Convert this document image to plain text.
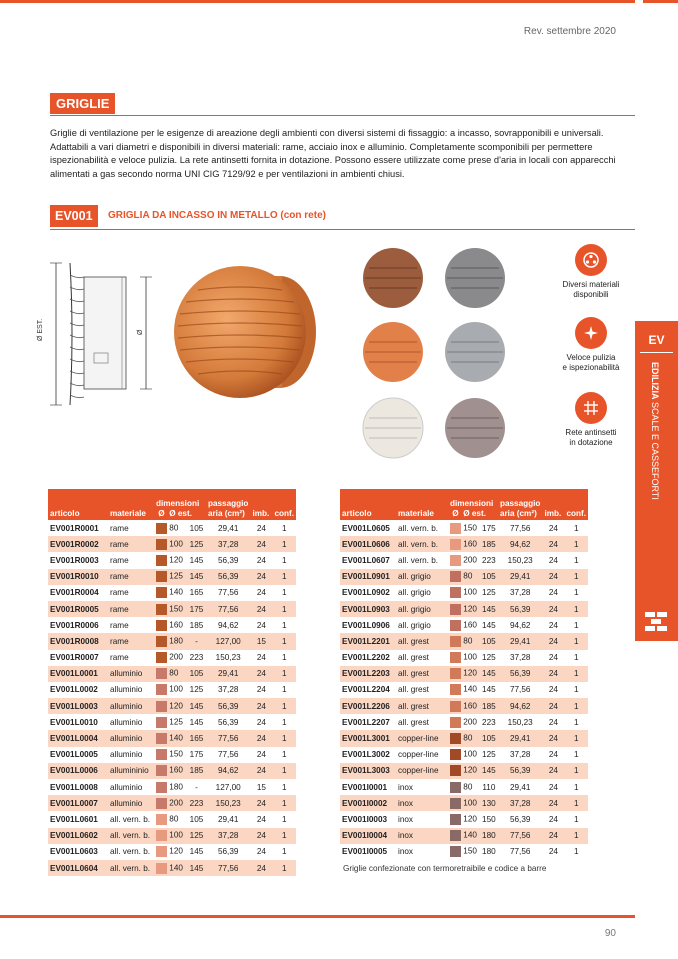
Rev. settembre 2020
GRIGLIE
Griglie di ventilazione per le esigenze di areazione degli ambienti con diversi sistemi di fissaggio: a incasso, sovrapponibili e universali. Adattabili a vari diametri e disponibili in diversi materiali: rame, acciaio inox e alluminio. Completamente scomponibili per permettere ispezionabilità e veloce pulizia. La rete antinsetti fornita in dotazione. Possono essere utilizzate come prese d'aria in locali con apparecchi alimentati a gas secondo norma UNI CIG 7129/92 e per ventilazioni in ambienti chiusi.
EV001	GRIGLIA DA INCASSO IN METALLO (con rete)
Ø EST.	Ø
Diversi materiali
disponibili
Veloce pulizia
e ispezionabilità
Rete antinsetti
in dotazione
articolo	materiale	dimensioni
Ø Ø est.		passaggio
aria (cm²)	imb.	conf.
EV001R0001	rame	80	105	29,41	24	1
EV001R0002	rame	100	125	37,28	24	1
EV001R0003	rame	120	145	56,39	24	1
EV001R0010	rame	125	145	56,39	24	1
EV001R0004	rame	140	165	77,56	24	1
EV001R0005	rame	150	175	77,56	24	1
EV001R0006	rame	160	185	94,62	24	1
EV001R0008	rame	180	-	127,00	15	1
EV001R0007	rame	200	223	150,23	24	1
EV001L0001	alluminio	80	105	29,41	24	1
EV001L0002	alluminio	100	125	37,28	24	1
EV001L0003	alluminio	120	145	56,39	24	1
EV001L0010	alluminio	125	145	56,39	24	1
EV001L0004	alluminio	140	165	77,56	24	1
EV001L0005	alluminio	150	175	77,56	24	1
EV001L0006	allumininio	160	185	94,62	24	1
EV001L0008	alluminio	180	-	127,00	15	1
EV001L0007	alluminio	200	223	150,23	24	1
EV001L0601	all. vern. b.	80	105	29,41	24	1
EV001L0602	all. vern. b.	100	125	37,28	24	1
EV001L0603	all. vern. b.	120	145	56,39	24	1
EV001L0604	all. vern. b.	140	145	77,56	24	1
articolo	materiale	dimensioni
Ø Ø est.		passaggio
aria (cm²)	imb.	conf.
EV001L0605	all. vern. b.	150	175	77,56	24	1
EV001L0606	all. vern. b.	160	185	94,62	24	1
EV001L0607	all. vern. b.	200	223	150,23	24	1
EV001L0901	all. grigio	80	105	29,41	24	1
EV001L0902	all. grigio	100	125	37,28	24	1
EV001L0903	all. grigio	120	145	56,39	24	1
EV001L0906	all. grigio	160	145	94,62	24	1
EV001L2201	all. grest	80	105	29,41	24	1
EV001L2202	all. grest	100	125	37,28	24	1
EV001L2203	all. grest	120	145	56,39	24	1
EV001L2204	all. grest	140	145	77,56	24	1
EV001L2206	all. grest	160	185	94,62	24	1
EV001L2207	all. grest	200	223	150,23	24	1
EV001L3001	copper-line	80	105	29,41	24	1
EV001L3002	copper-line	100	125	37,28	24	1
EV001L3003	copper-line	120	145	56,39	24	1
EV001I0001	inox	80	110	29,41	24	1
EV001I0002	inox	100	130	37,28	24	1
EV001I0003	inox	120	150	56,39	24	1
EV001I0004	inox	140	180	77,56	24	1
EV001I0005	inox	150	180	77,56	24	1
Griglie confezionate con termoretraibile e codice a barre
EV
EDILIZIA SCALE E CASSEFORTI
90
